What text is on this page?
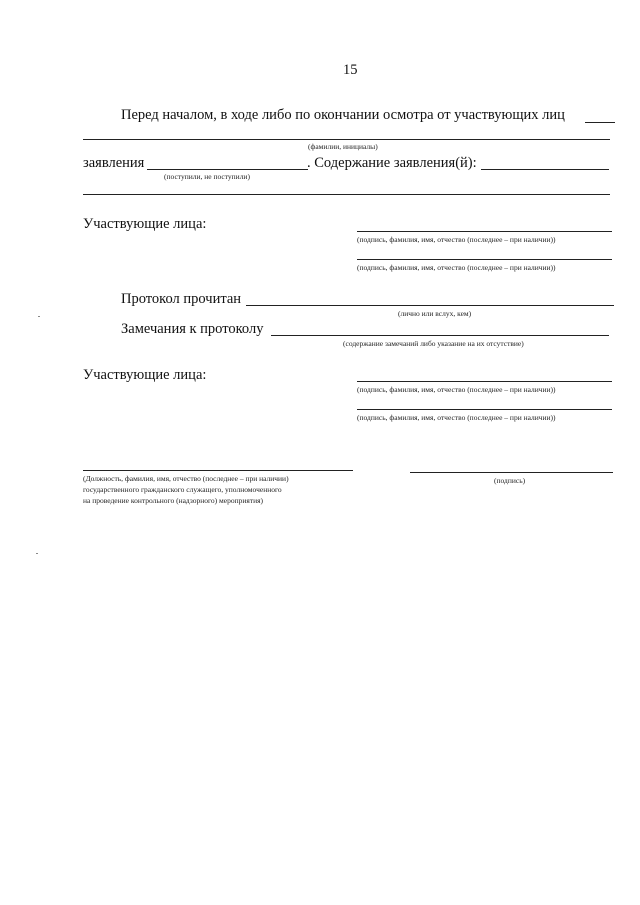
15
Перед началом, в ходе либо по окончании осмотра от участвующих лиц
(фамилии, инициалы)
заявления	. Содержание заявления(й):
(поступили, не поступили)
Участвующие лица:
(подпись, фамилия, имя, отчество (последнее – при наличии))
(подпись, фамилия, имя, отчество (последнее – при наличии))
Протокол прочитан
(лично или вслух, кем)
Замечания к протоколу
(содержание замечаний либо указание на их отсутствие)
Участвующие лица:
(подпись, фамилия, имя, отчество (последнее – при наличии))
(подпись, фамилия, имя, отчество (последнее – при наличии))
(Должность, фамилия, имя, отчество (последнее – при наличии)
государственного гражданского служащего, уполномоченного
на проведение контрольного (надзорного) мероприятия)
(подпись)
